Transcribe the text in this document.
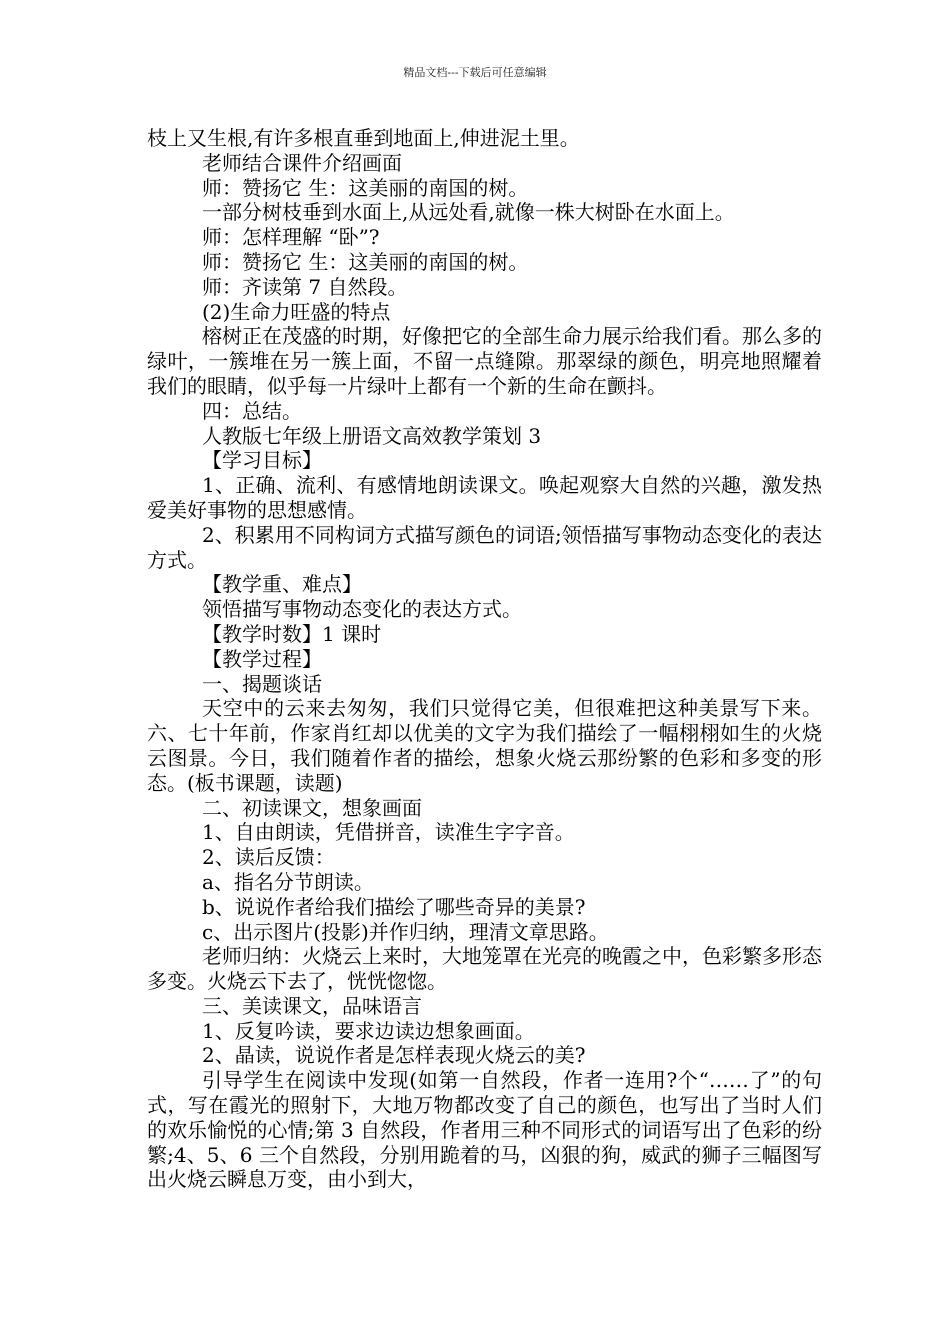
精品文档---下载后可任意编辑

枝上又生根,有许多根直垂到地面上,伸进泥土里。

老师结合课件介绍画面

师：赞扬它 生：这美丽的南国的树。

一部分树枝垂到水面上,从远处看,就像一株大树卧在水面上。

师：怎样理解 “卧”?

师：赞扬它 生：这美丽的南国的树。

师：齐读第 7 自然段。

(2)生命力旺盛的特点

榕树正在茂盛的时期，好像把它的全部生命力展示给我们看。那么多的绿叶，一簇堆在另一簇上面，不留一点缝隙。那翠绿的颜色，明亮地照耀着我们的眼睛，似乎每一片绿叶上都有一个新的生命在颤抖。

四：总结。

人教版七年级上册语文高效教学策划 3

【学习目标】

1、正确、流利、有感情地朗读课文。唤起观察大自然的兴趣，激发热爱美好事物的思想感情。

2、积累用不同构词方式描写颜色的词语;领悟描写事物动态变化的表达方式。

【教学重、难点】

领悟描写事物动态变化的表达方式。

【教学时数】1 课时

【教学过程】

一、揭题谈话

天空中的云来去匆匆，我们只觉得它美，但很难把这种美景写下来。六、七十年前，作家肖红却以优美的文字为我们描绘了一幅栩栩如生的火烧云图景。今日，我们随着作者的描绘，想象火烧云那纷繁的色彩和多变的形态。(板书课题，读题)

二、初读课文，想象画面

1、自由朗读，凭借拼音，读准生字字音。

2、读后反馈：

a、指名分节朗读。

b、说说作者给我们描绘了哪些奇异的美景?

c、出示图片(投影)并作归纳，理清文章思路。

老师归纳：火烧云上来时，大地笼罩在光亮的晚霞之中，色彩繁多形态多变。火烧云下去了，恍恍惚惚。

三、美读课文，品味语言

1、反复吟读，要求边读边想象画面。

2、晶读，说说作者是怎样表现火烧云的美?

引导学生在阅读中发现(如第一自然段，作者一连用?个“……了”的句式，写在霞光的照射下，大地万物都改变了自己的颜色，也写出了当时人们的欢乐愉悦的心情;第 3 自然段，作者用三种不同形式的词语写出了色彩的纷繁;4、5、6 三个自然段，分别用跪着的马，凶狠的狗，威武的狮子三幅图写出火烧云瞬息万变，由小到大，
